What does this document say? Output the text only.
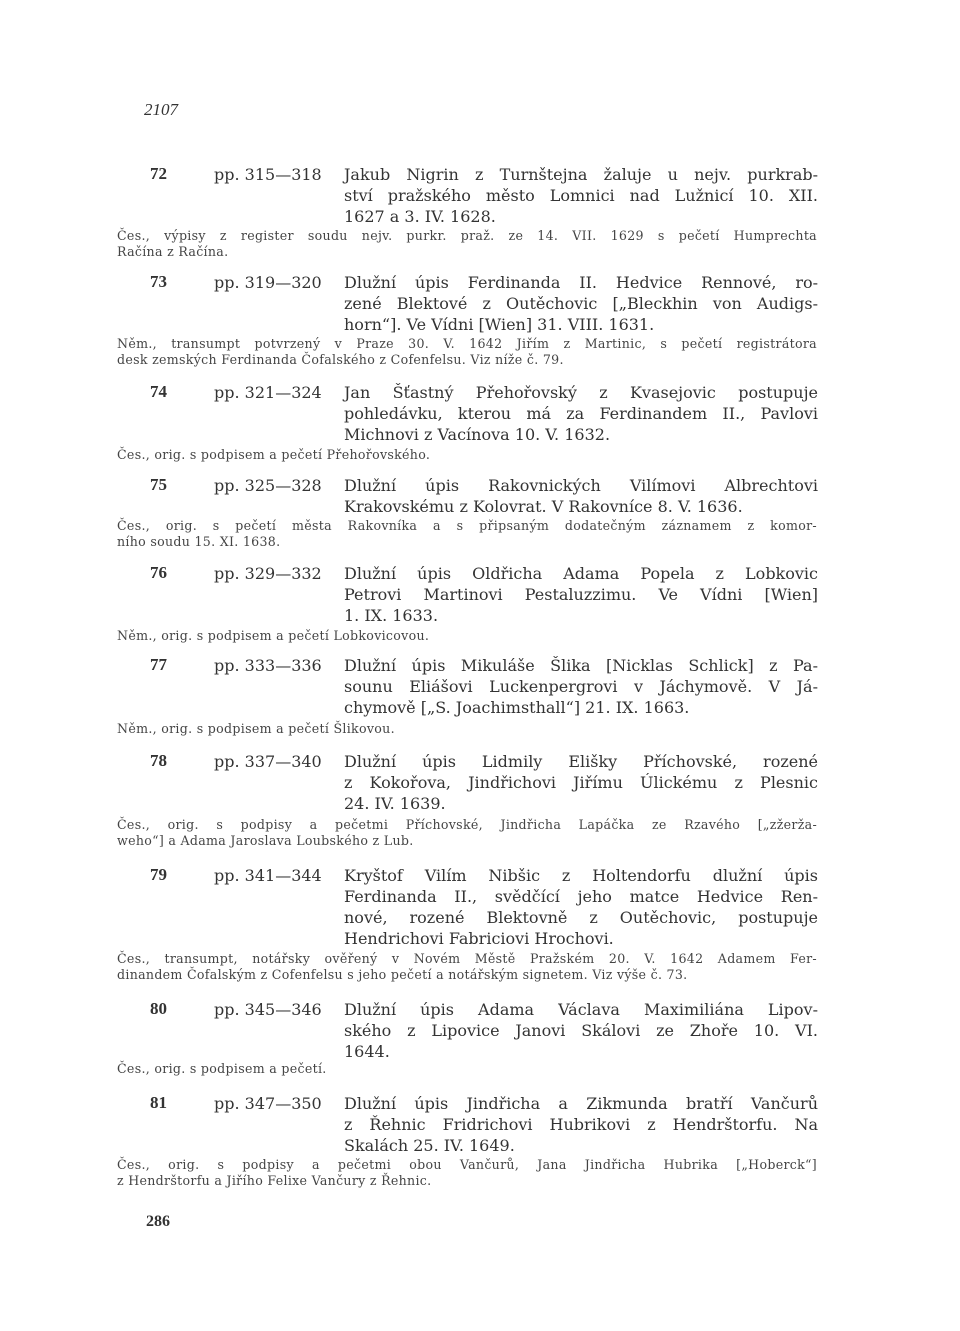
2107
72	pp. 315—318 Jakub Nigrin z Turnštejna žaluje u nejv. purkrab-
ství pražského město Lomnici nad Lužnicí 10. XII.
1627 a 3. IV. 1628.
Čes., výpisy z register soudu nejv. purkr. praž. ze 14. VII. 1629 s pečetí Humprechta
Račína z Račína.
73	pp. 319—320 Dlužní úpis Ferdinanda II. Hedvice Rennové, ro-
zené Blektové z Outěchovic [„Bleckhin von Audigs-
horn“]. Ve Vídni [Wien] 31. VIII. 1631.
Něm., transumpt potvrzený v Praze 30. V. 1642 Jiřím z Martinic, s pečetí registrátora
desk zemských Ferdinanda Čofalského z Cofenfelsu. Viz níže č. 79.
74	pp. 321—324 Jan Šťastný Přehořovský z Kvasejovic postupuje
pohledávku, kterou má za Ferdinandem II., Pavlovi
Michnovi z Vacínova 10. V. 1632.
Čes., orig. s podpisem a pečetí Přehořovského.
75	pp. 325—328 Dlužní úpis Rakovnických Vilímovi Albrechtovi
Krakovskému z Kolovrat. V Rakovníce 8. V. 1636.
Čes., orig. s pečetí města Rakovníka a s připsaným dodatečným záznamem z komor-
ního soudu 15. XI. 1638.
76	pp. 329—332 Dlužní úpis Oldřicha Adama Popela z Lobkovic
Petrovi Martinovi Pestaluzzimu. Ve Vídni [Wien]
1. IX. 1633.
Něm., orig. s podpisem a pečetí Lobkovicovou.
77	pp. 333—336 Dlužní úpis Mikuláše Šlika [Nicklas Schlick] z Pa-
sounu Eliášovi Luckenpergrovi v Jáchymově. V Já-
chymově [„S. Joachimsthall“] 21. IX. 1663.
Něm., orig. s podpisem a pečetí Šlikovou.
78	pp. 337—340 Dlužní úpis Lidmily Elišky Příchovské, rozené
z Kokořova, Jindřichovi Jiřímu Úlickému z Plesnic
24. IV. 1639.
Čes., orig. s podpisy a pečetmi Příchovské, Jindřicha Lapáčka ze Rzavého [„zžerža-
weho“] a Adama Jaroslava Loubského z Lub.
79	pp. 341—344 Kryštof Vilím Nibšic z Holtendorfu dlužní úpis
Ferdinanda II., svědčící jeho matce Hedvice Ren-
nové, rozené Blektovně z Outěchovic, postupuje
Hendrichovi Fabriciovi Hrochovi.
Čes., transumpt, notářsky ověřený v Novém Městě Pražském 20. V. 1642 Adamem Fer-
dinandem Čofalským z Cofenfelsu s jeho pečetí a notářským signetem. Viz výše č. 73.
80	pp. 345—346 Dlužní úpis Adama Václava Maximiliána Lipov-
ského z Lipovice Janovi Skálovi ze Zhoře 10. VI.
1644.
Čes., orig. s podpisem a pečetí.
81	pp. 347—350 Dlužní úpis Jindřicha a Zikmunda bratří Vančurů
z Řehnic Fridrichovi Hubrikovi z Hendrštorfu. Na
Skalách 25. IV. 1649.
Čes., orig. s podpisy a pečetmi obou Vančurů, Jana Jindřicha Hubrika [„Hoberck“]
z Hendrštorfu a Jiřího Felixe Vančury z Řehnic.
286
